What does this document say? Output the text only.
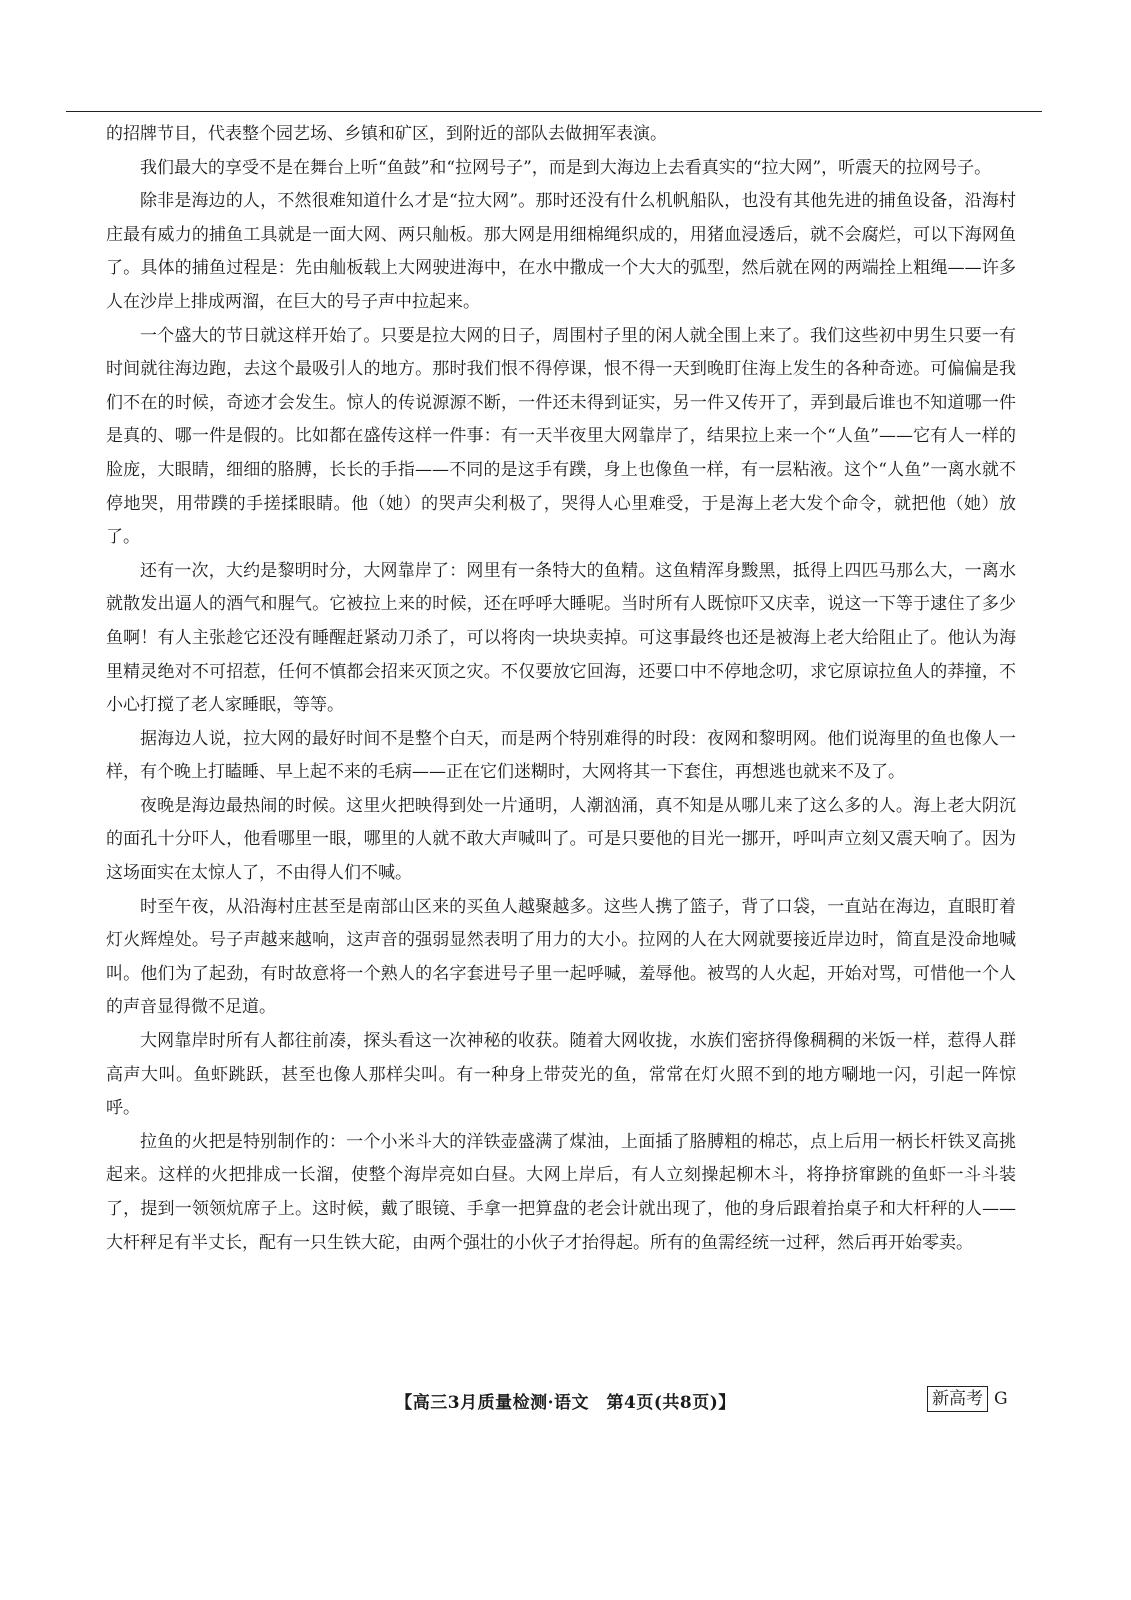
的招牌节目，代表整个园艺场、乡镇和矿区，到附近的部队去做拥军表演。

我们最大的享受不是在舞台上听“鱼鼓”和“拉网号子”，而是到大海边上去看真实的“拉大网”，听震天的拉网号子。

除非是海边的人，不然很难知道什么才是“拉大网”。那时还没有什么机帆船队，也没有其他先进的捕鱼设备，沿海村庄最有威力的捕鱼工具就是一面大网、两只舢板。那大网是用细棉绳织成的，用猪血浸透后，就不会腐烂，可以下海网鱼了。具体的捕鱼过程是：先由舢板载上大网驶进海中，在水中撒成一个大大的弧型，然后就在网的两端拴上粗绳——许多人在沙岸上排成两溜，在巨大的号子声中拉起来。

一个盛大的节日就这样开始了。只要是拉大网的日子，周围村子里的闲人就全围上来了。我们这些初中男生只要一有时间就往海边跑，去这个最吸引人的地方。那时我们恨不得停课，恨不得一天到晚盯住海上发生的各种奇迹。可偏偏是我们不在的时候，奇迹才会发生。惊人的传说源源不断，一件还未得到证实，另一件又传开了，弄到最后谁也不知道哪一件是真的、哪一件是假的。比如都在盛传这样一件事：有一天半夜里大网靠岸了，结果拉上来一个“人鱼”——它有人一样的脸庞，大眼睛，细细的胳膊，长长的手指——不同的是这手有蹼，身上也像鱼一样，有一层粘液。这个“人鱼”一离水就不停地哭，用带蹼的手搓揉眼睛。他（她）的哭声尖利极了，哭得人心里难受，于是海上老大发个命令，就把他（她）放了。

还有一次，大约是黎明时分，大网靠岸了：网里有一条特大的鱼精。这鱼精浑身黢黑，抵得上四匹马那么大，一离水就散发出逼人的酒气和腥气。它被拉上来的时候，还在呼呼大睡呢。当时所有人既惊吓又庆幸，说这一下等于逮住了多少鱼啊！有人主张趁它还没有睡醒赶紧动刀杀了，可以将肉一块块卖掉。可这事最终也还是被海上老大给阻止了。他认为海里精灵绝对不可招惹，任何不慎都会招来灭顶之灾。不仅要放它回海，还要口中不停地念叨，求它原谅拉鱼人的莽撞，不小心打搅了老人家睡眠，等等。

据海边人说，拉大网的最好时间不是整个白天，而是两个特别难得的时段：夜网和黎明网。他们说海里的鱼也像人一样，有个晚上打瞌睡、早上起不来的毛病——正在它们迷糊时，大网将其一下套住，再想逃也就来不及了。

夜晚是海边最热闹的时候。这里火把映得到处一片通明，人潮汹涌，真不知是从哪儿来了这么多的人。海上老大阴沉的面孔十分吓人，他看哪里一眼，哪里的人就不敢大声喊叫了。可是只要他的目光一挪开，呼叫声立刻又震天响了。因为这场面实在太惊人了，不由得人们不喊。

时至午夜，从沿海村庄甚至是南部山区来的买鱼人越聚越多。这些人携了篮子，背了口袋，一直站在海边，直眼盯着灯火辉煌处。号子声越来越响，这声音的强弱显然表明了用力的大小。拉网的人在大网就要接近岸边时，简直是没命地喊叫。他们为了起劲，有时故意将一个熟人的名字套进号子里一起呼喊，羞辱他。被骂的人火起，开始对骂，可惜他一个人的声音显得微不足道。

大网靠岸时所有人都往前凑，探头看这一次神秘的收获。随着大网收拢，水族们密挤得像稠稠的米饭一样，惹得人群高声大叫。鱼虾跳跃，甚至也像人那样尖叫。有一种身上带荧光的鱼，常常在灯火照不到的地方唰地一闪，引起一阵惊呼。

拉鱼的火把是特别制作的：一个小米斗大的洋铁壶盛满了煤油，上面插了胳膊粗的棉芯，点上后用一柄长杆铁叉高挑起来。这样的火把排成一长溜，使整个海岸亮如白昼。大网上岸后，有人立刻操起柳木斗，将挣挤窜跳的鱼虾一斗斗装了，提到一领领炕席子上。这时候，戴了眼镜、手拿一把算盘的老会计就出现了，他的身后跟着抬桌子和大杆秤的人——大杆秤足有半丈长，配有一只生铁大砣，由两个强壮的小伙子才抬得起。所有的鱼需经统一过秤，然后再开始零卖。

【高三3月质量检测·语文　第4页(共8页)】	新高考 G
